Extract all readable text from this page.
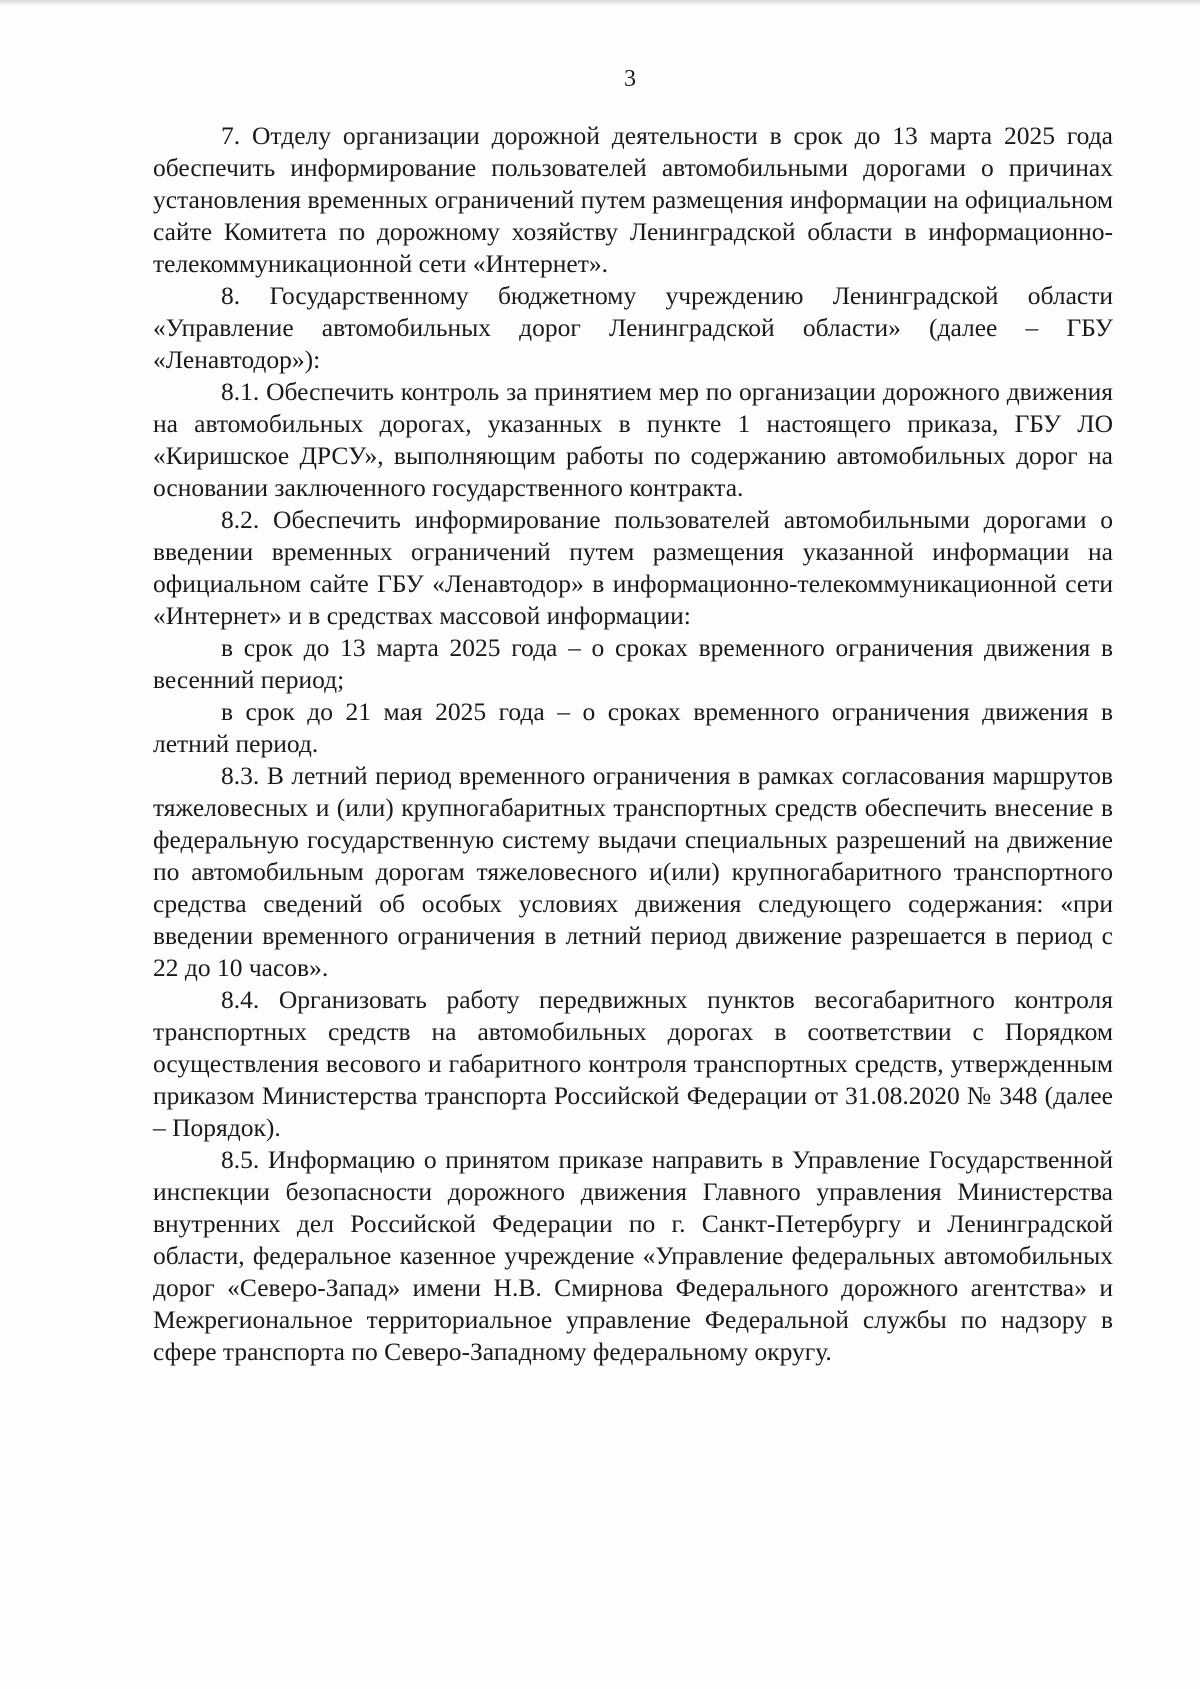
3

7. Отделу организации дорожной деятельности в срок до 13 марта 2025 года обеспечить информирование пользователей автомобильными дорогами о причинах установления временных ограничений путем размещения информации на официальном сайте Комитета по дорожному хозяйству Ленинградской области в информационно-телекоммуникационной сети «Интернет».

8. Государственному бюджетному учреждению Ленинградской области «Управление автомобильных дорог Ленинградской области» (далее – ГБУ «Ленавтодор»):

8.1. Обеспечить контроль за принятием мер по организации дорожного движения на автомобильных дорогах, указанных в пункте 1 настоящего приказа, ГБУ ЛО «Киришское ДРСУ», выполняющим работы по содержанию автомобильных дорог на основании заключенного государственного контракта.

8.2. Обеспечить информирование пользователей автомобильными дорогами о введении временных ограничений путем размещения указанной информации на официальном сайте ГБУ «Ленавтодор» в информационно-телекоммуникационной сети «Интернет» и в средствах массовой информации:

в срок до 13 марта 2025 года – о сроках временного ограничения движения в весенний период;

в срок до 21 мая 2025 года – о сроках временного ограничения движения в летний период.

8.3. В летний период временного ограничения в рамках согласования маршрутов тяжеловесных и (или) крупногабаритных транспортных средств обеспечить внесение в федеральную государственную систему выдачи специальных разрешений на движение по автомобильным дорогам тяжеловесного и(или) крупногабаритного транспортного средства сведений об особых условиях движения следующего содержания: «при введении временного ограничения в летний период движение разрешается в период с 22 до 10 часов».

8.4. Организовать работу передвижных пунктов весогабаритного контроля транспортных средств на автомобильных дорогах в соответствии с Порядком осуществления весового и габаритного контроля транспортных средств, утвержденным приказом Министерства транспорта Российской Федерации от 31.08.2020 № 348 (далее – Порядок).

8.5. Информацию о принятом приказе направить в Управление Государственной инспекции безопасности дорожного движения Главного управления Министерства внутренних дел Российской Федерации по г. Санкт-Петербургу и Ленинградской области, федеральное казенное учреждение «Управление федеральных автомобильных дорог «Северо-Запад» имени Н.В. Смирнова Федерального дорожного агентства» и Межрегиональное территориальное управление Федеральной службы по надзору в сфере транспорта по Северо-Западному федеральному округу.
